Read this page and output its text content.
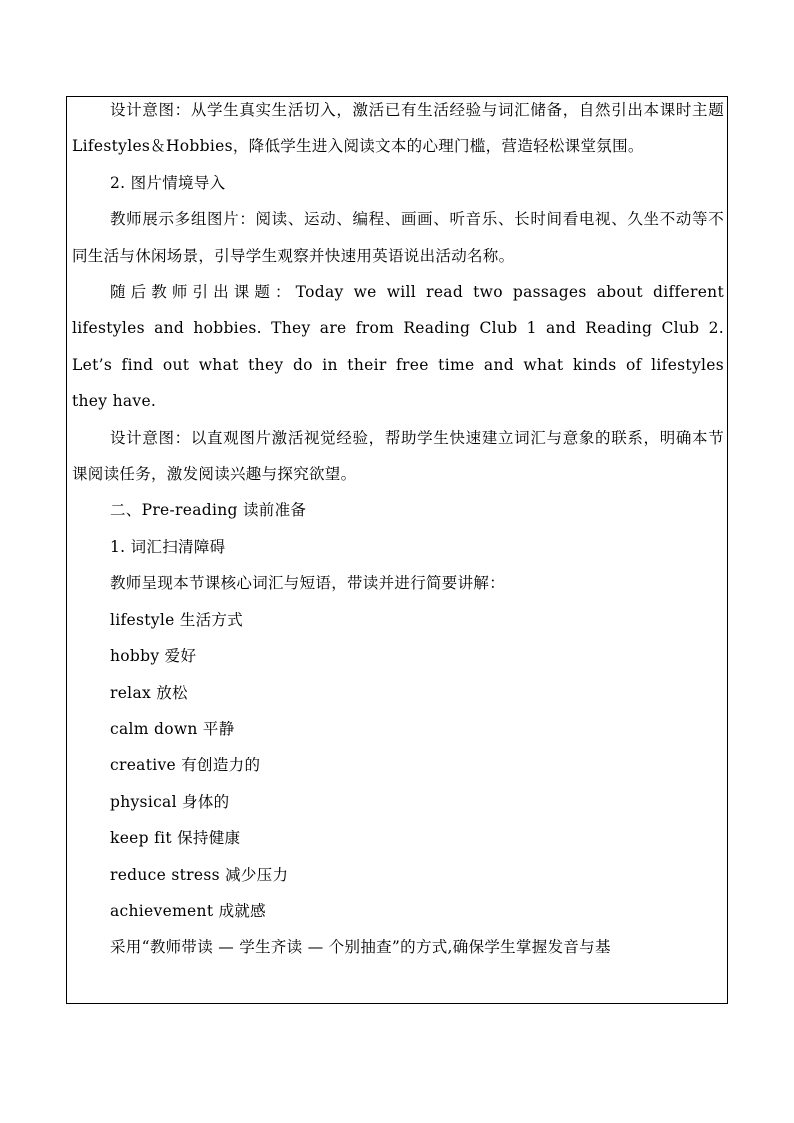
设计意图：从学生真实生活切入，激活已有生活经验与词汇储备，自然引出本课时主题Lifestyles＆Hobbies，降低学生进入阅读文本的心理门槛，营造轻松课堂氛围。

2. 图片情境导入

教师展示多组图片：阅读、运动、编程、画画、听音乐、长时间看电视、久坐不动等不同生活与休闲场景，引导学生观察并快速用英语说出活动名称。

随后教师引出课题：Today we will read two passages about different

lifestyles and hobbies. They are from Reading Club 1 and Reading Club 2.

Let’s find out what they do in their free time and what kinds of lifestyles

they have.

设计意图：以直观图片激活视觉经验，帮助学生快速建立词汇与意象的联系，明确本节课阅读任务，激发阅读兴趣与探究欲望。

二、Pre-reading 读前准备

1. 词汇扫清障碍

教师呈现本节课核心词汇与短语，带读并进行简要讲解：

lifestyle 生活方式

hobby 爱好

relax 放松

calm down 平静

creative 有创造力的

physical 身体的

keep fit 保持健康

reduce stress 减少压力

achievement 成就感

采用“教师带读 — 学生齐读 — 个别抽查”的方式,确保学生掌握发音与基
